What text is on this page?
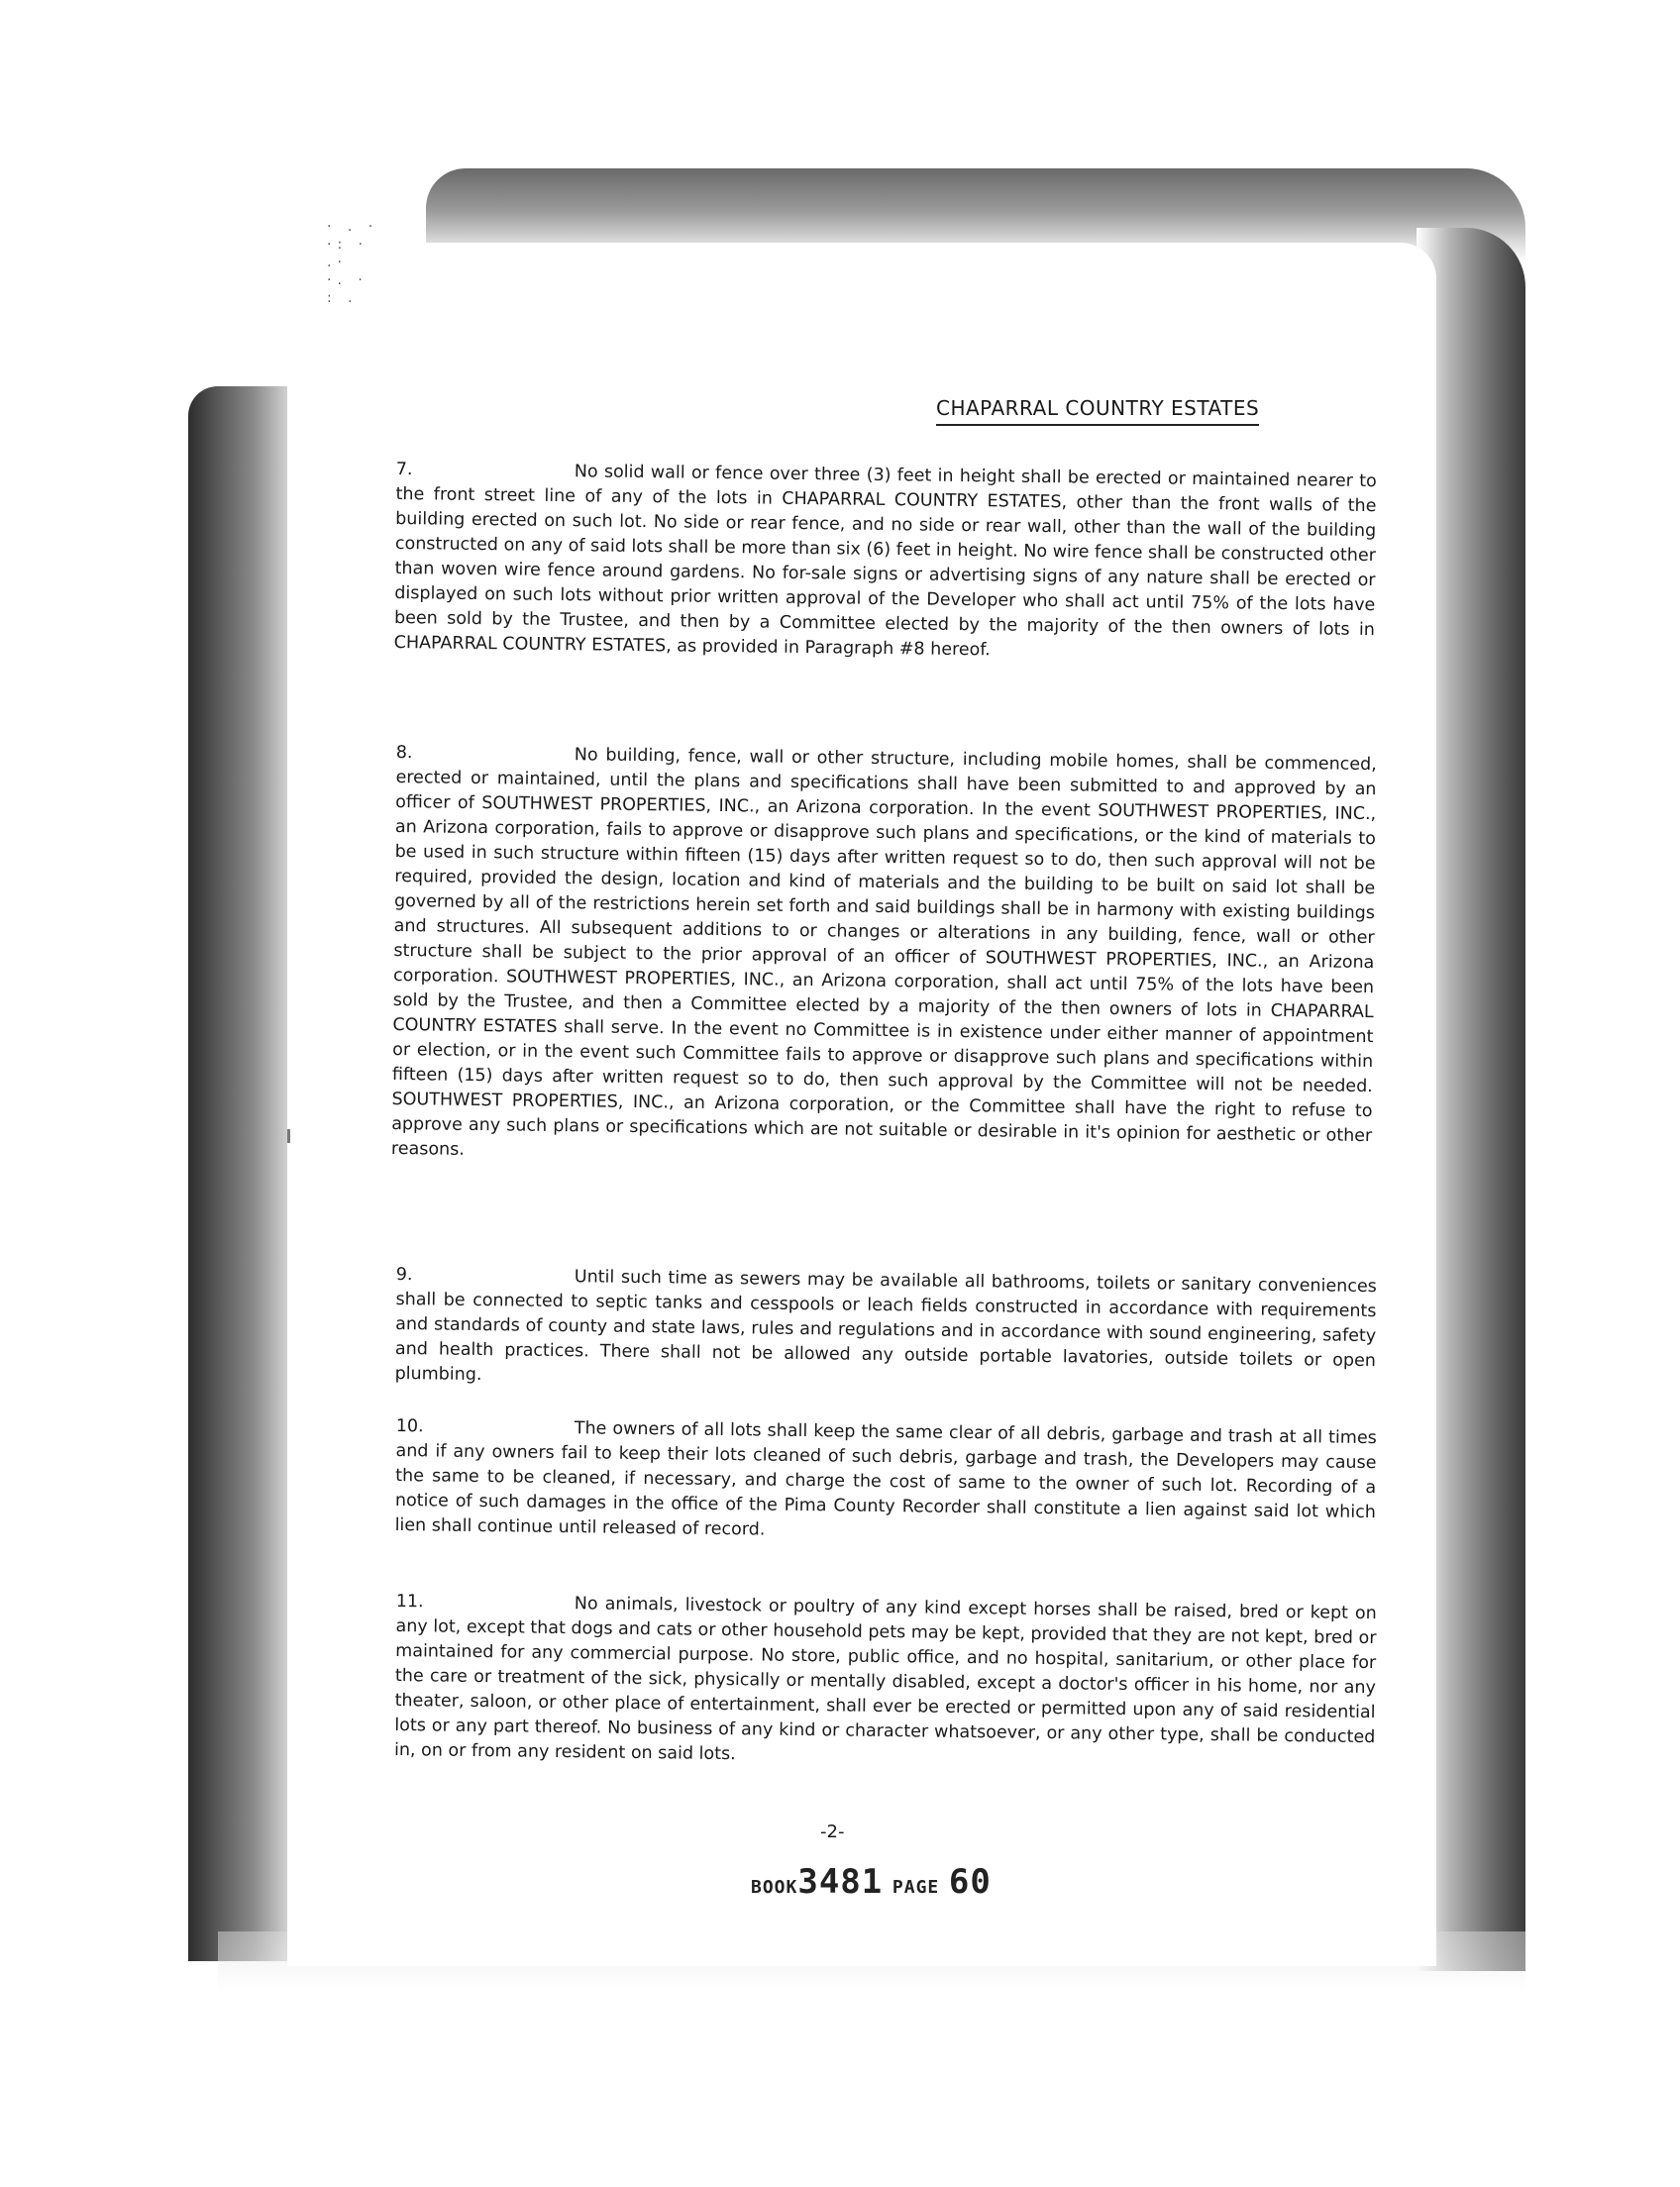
· . ·
·: ·
.·
·. ·
: .
CHAPARRAL COUNTRY ESTATES
7.	No solid wall or fence over three (3) feet in height shall be erected or maintained nearer to the front street line of any of the lots in CHAPARRAL COUNTRY ESTATES, other than the front walls of the building erected on such lot. No side or rear fence, and no side or rear wall, other than the wall of the building constructed on any of said lots shall be more than six (6) feet in height. No wire fence shall be constructed other than woven wire fence around gardens. No for-sale signs or advertising signs of any nature shall be erected or displayed on such lots without prior written approval of the Developer who shall act until 75% of the lots have been sold by the Trustee, and then by a Committee elected by the majority of the then owners of lots in CHAPARRAL COUNTRY ESTATES, as provided in Paragraph #8 hereof.
8.	No building, fence, wall or other structure, including mobile homes, shall be commenced, erected or maintained, until the plans and specifications shall have been submitted to and approved by an officer of SOUTHWEST PROPERTIES, INC., an Arizona corporation. In the event SOUTHWEST PROPERTIES, INC., an Arizona corporation, fails to approve or disapprove such plans and specifications, or the kind of materials to be used in such structure within fifteen (15) days after written request so to do, then such approval will not be required, provided the design, location and kind of materials and the building to be built on said lot shall be governed by all of the restrictions herein set forth and said buildings shall be in harmony with existing buildings and structures. All subsequent additions to or changes or alterations in any building, fence, wall or other structure shall be subject to the prior approval of an officer of SOUTHWEST PROPERTIES, INC., an Arizona corporation. SOUTHWEST PROPERTIES, INC., an Arizona corporation, shall act until 75% of the lots have been sold by the Trustee, and then a Committee elected by a majority of the then owners of lots in CHAPARRAL COUNTRY ESTATES shall serve. In the event no Committee is in existence under either manner of appointment or election, or in the event such Committee fails to approve or disapprove such plans and specifications within fifteen (15) days after written request so to do, then such approval by the Committee will not be needed. SOUTHWEST PROPERTIES, INC., an Arizona corporation, or the Committee shall have the right to refuse to approve any such plans or specifications which are not suitable or desirable in it's opinion for aesthetic or other reasons.
9.	Until such time as sewers may be available all bathrooms, toilets or sanitary conveniences shall be connected to septic tanks and cesspools or leach fields constructed in accordance with requirements and standards of county and state laws, rules and regulations and in accordance with sound engineering, safety and health practices. There shall not be allowed any outside portable lavatories, outside toilets or open plumbing.
10.	The owners of all lots shall keep the same clear of all debris, garbage and trash at all times and if any owners fail to keep their lots cleaned of such debris, garbage and trash, the Developers may cause the same to be cleaned, if necessary, and charge the cost of same to the owner of such lot. Recording of a notice of such damages in the office of the Pima County Recorder shall constitute a lien against said lot which lien shall continue until released of record.
11.	No animals, livestock or poultry of any kind except horses shall be raised, bred or kept on any lot, except that dogs and cats or other household pets may be kept, provided that they are not kept, bred or maintained for any commercial purpose. No store, public office, and no hospital, sanitarium, or other place for the care or treatment of the sick, physically or mentally disabled, except a doctor's officer in his home, nor any theater, saloon, or other place of entertainment, shall ever be erected or permitted upon any of said residential lots or any part thereof. No business of any kind or character whatsoever, or any other type, shall be conducted in, on or from any resident on said lots.
-2-
BOOK3481 PAGE 60
